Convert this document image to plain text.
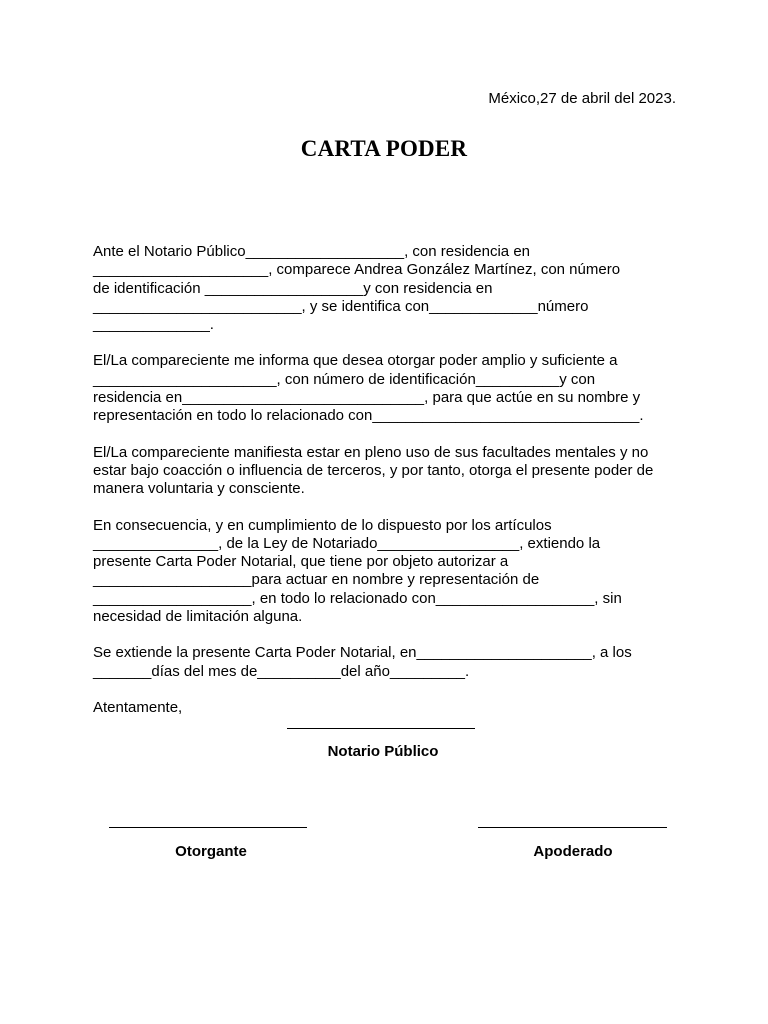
México,27 de abril del 2023.
CARTA PODER
Ante el Notario Público___________________, con residencia en
_____________________, comparece Andrea González Martínez, con número
de identificación ___________________y con residencia en
_________________________, y se identifica con_____________número
______________.
El/La compareciente me informa que desea otorgar poder amplio y suficiente a
______________________, con número de identificación__________y con
residencia en_____________________________, para que actúe en su nombre y
representación en todo lo relacionado con________________________________.
El/La compareciente manifiesta estar en pleno uso de sus facultades mentales y no
estar bajo coacción o influencia de terceros, y por tanto, otorga el presente poder de
manera voluntaria y consciente.
En consecuencia, y en cumplimiento de lo dispuesto por los artículos
_______________, de la Ley de Notariado_________________, extiendo la
presente Carta Poder Notarial, que tiene por objeto autorizar a
___________________para actuar en nombre y representación de
___________________, en todo lo relacionado con___________________, sin
necesidad de limitación alguna.
Se extiende la presente Carta Poder Notarial, en_____________________, a los
_______días del mes de__________del año_________.
Atentamente,
Notario Público
Otorgante	Apoderado
